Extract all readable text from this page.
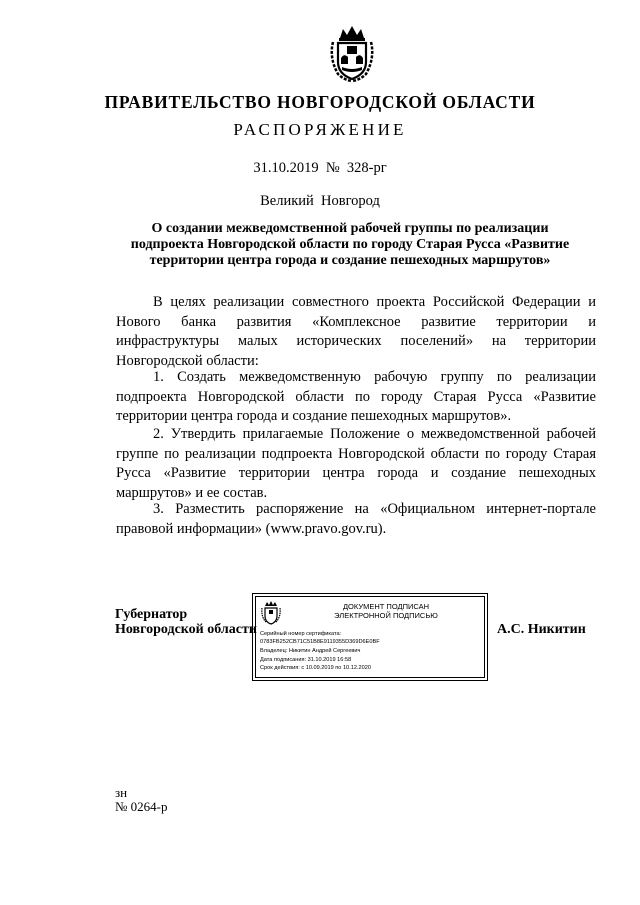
ПРАВИТЕЛЬСТВО НОВГОРОДСКОЙ ОБЛАСТИ
РАСПОРЯЖЕНИЕ
31.10.2019  №  328-рг
Великий  Новгород
О создании межведомственной рабочей группы по реализации
подпроекта Новгородской области по городу Старая Русса «Развитие
территории центра города и создание пешеходных маршрутов»
В целях реализации совместного проекта Российской Федерации и Нового банка развития «Комплексное развитие территории и инфраструктуры малых исторических поселений» на территории Новгородской области:
1. Создать межведомственную рабочую группу по реализации подпроекта Новгородской области по городу Старая Русса «Развитие территории центра города и создание пешеходных маршрутов».
2. Утвердить прилагаемые Положение о межведомственной рабочей группе по реализации подпроекта Новгородской области по городу Старая Русса «Развитие территории центра города и создание пешеходных маршрутов» и ее состав.
3. Разместить распоряжение на «Официальном интернет-портале правовой информации» (www.pravo.gov.ru).
Губернатор
Новгородской области
ДОКУМЕНТ ПОДПИСАН
ЭЛЕКТРОННОЙ ПОДПИСЬЮ
Серийный номер сертификата:
0783FB252CB71C51B8E9119355D369D6E0BF
Владелец: Никитин Андрей Сергеевич
Дата подписания: 31.10.2019 16:58
Срок действия: с 10.09.2019 по 10.12.2020
А.С. Никитин
зн
№ 0264-р
